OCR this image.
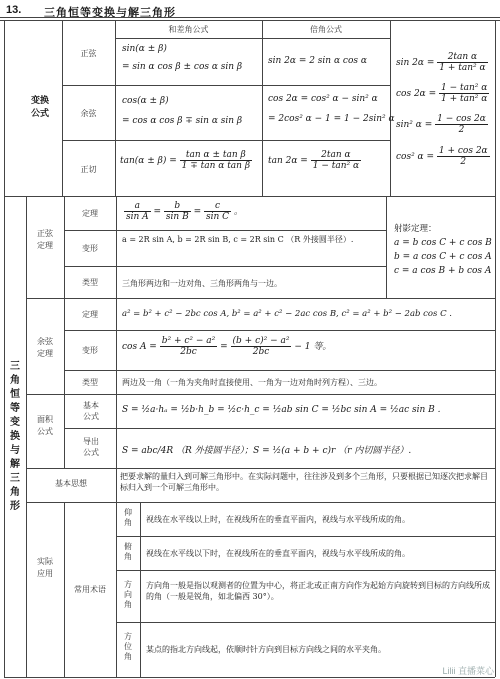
13. 三角恒等变换与解三角形
和差角公式	倍角公式
变换公式
正弦
余弦
正切
sin(α ± β)
= sin α cos β ± cos α sin β
cos(α ± β)
= cos α cos β ∓ sin α sin β
$\tan(\alpha \pm \beta) = \frac{\text{tan α ± tan β}}{\text{1 ∓ tan α tan β}}$
sin 2α = 2 sin α cos α
cos 2α = cos² α − sin² α
= 2cos² α − 1 = 1 − 2sin² α
$\tan 2\alpha = \frac{\text{2tan α}}{\text{1 − tan² α}}$
$\sin 2\alpha = \frac{\text{2tan α}}{\text{1 + tan² α}}$
$\cos 2\alpha = \frac{\text{1 − tan² α}}{\text{1 + tan² α}}$
sin² $\alpha = \frac{1 - \cos 2\alpha}{2}$
cos² $\alpha = \frac{1 + \cos 2\alpha}{2}$
三角恒等变换与解三角形
正弦定理
定理
变形
类型
$\frac{a}{\text{sin A}} = \frac{b}{\text{sin B}} = \frac{c}{\text{sin C}}$ 。
a = 2R sin A, b = 2R sin B, c = 2R sin C （R 外接圆半径）.
三角形两边和一边对角、三角形两角与一边。
射影定理：
a = b cos C + c cos B
b = a cos C + c cos A
c = a cos B + b cos A
余弦定理
定理
变形
类型
a² = b² + c² − 2bc cos A, b² = a² + c² − 2ac cos B, c² = a² + b² − 2ab cos C .
$\cos A = \frac{\text{b² + c² − a²}}{2bc} = \frac{\text{(b + c)² − a²}}{2bc} - 1$ 等。
两边及一角（一角为夹角时直接使用、一角为一边对角时列方程）、三边。
面积公式
基本公式
导出公式
S = ½a·hₐ = ½b·h_b = ½c·h_c = ½ab sin C = ½bc sin A = ½ac sin B .
S = abc/4R （R 外接圆半径）；S = ½(a + b + c)r （r 内切圆半径）.
基本思想
把要求解的量归入到可解三角形中。在实际问题中，往往涉及到多个三角形，只要根据已知逐次把求解目标归入到一个可解三角形中。
实际应用
常用术语
仰角
俯角
方向角
方位角
视线在水平线以上时，在视线所在的垂直平面内，视线与水平线所成的角。
视线在水平线以下时，在视线所在的垂直平面内，视线与水平线所成的角。
方向角一般是指以观测者的位置为中心，将正北或正南方向作为起始方向旋转到目标的方向线所成的角（一般是锐角，如北偏西 30°）。
某点的指北方向线起，依顺时针方向到目标方向线之间的水平夹角。
Lilii 直播菜心
